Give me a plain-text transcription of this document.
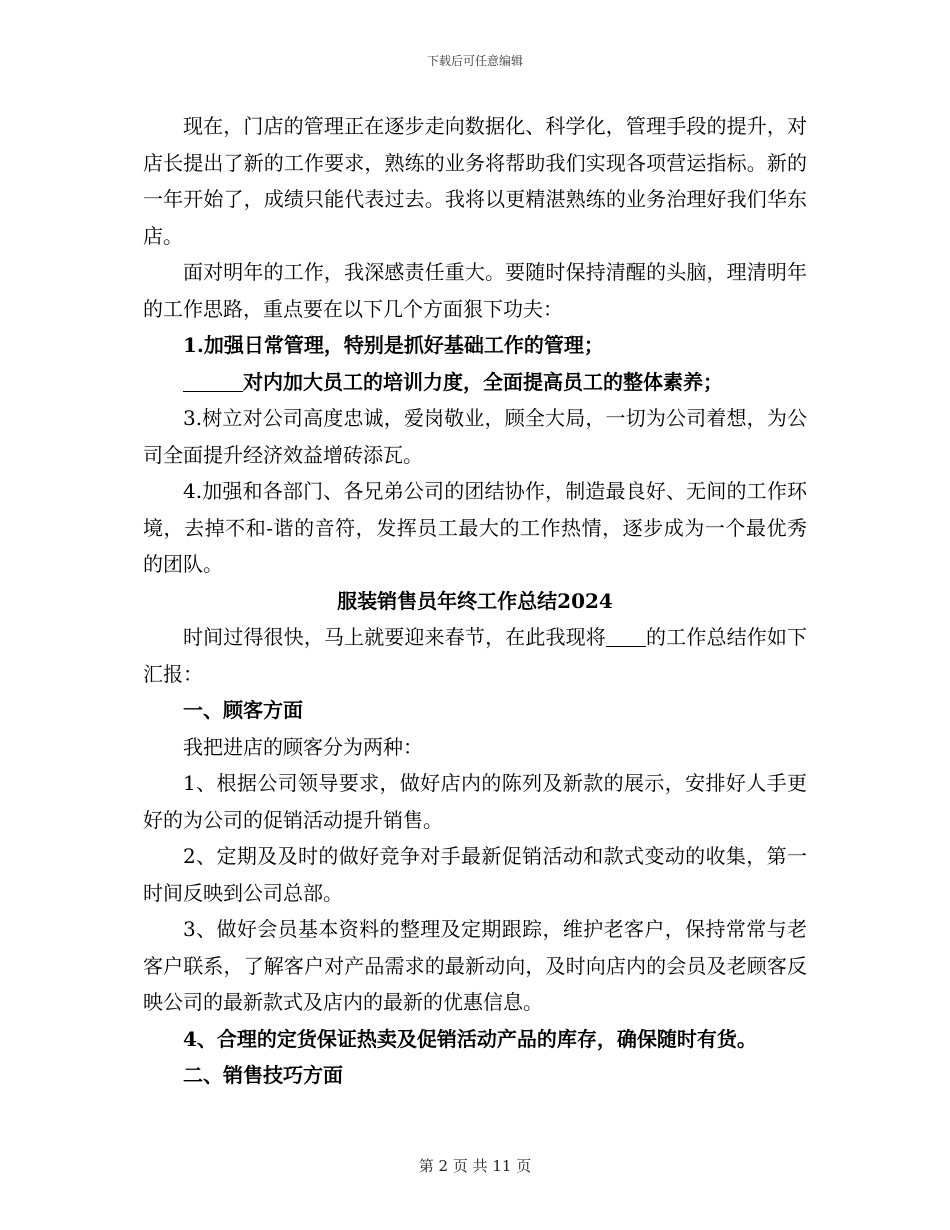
下载后可任意编辑

现在，门店的管理正在逐步走向数据化、科学化，管理手段的提升，对店长提出了新的工作要求，熟练的业务将帮助我们实现各项营运指标。新的一年开始了，成绩只能代表过去。我将以更精湛熟练的业务治理好我们华东店。

面对明年的工作，我深感责任重大。要随时保持清醒的头脑，理清明年的工作思路，重点要在以下几个方面狠下功夫：

1.加强日常管理，特别是抓好基础工作的管理；

对内加大员工的培训力度，全面提高员工的整体素养；

3.树立对公司高度忠诚，爱岗敬业，顾全大局，一切为公司着想，为公司全面提升经济效益增砖添瓦。

4.加强和各部门、各兄弟公司的团结协作，制造最良好、无间的工作环境，去掉不和-谐的音符，发挥员工最大的工作热情，逐步成为一个最优秀的团队。

服装销售员年终工作总结2024

时间过得很快，马上就要迎来春节，在此我现将 的工作总结作如下汇报：

一、顾客方面

我把进店的顾客分为两种：

1、根据公司领导要求，做好店内的陈列及新款的展示，安排好人手更好的为公司的促销活动提升销售。

2、定期及及时的做好竞争对手最新促销活动和款式变动的收集，第一时间反映到公司总部。

3、做好会员基本资料的整理及定期跟踪，维护老客户，保持常常与老客户联系，了解客户对产品需求的最新动向，及时向店内的会员及老顾客反映公司的最新款式及店内的最新的优惠信息。

4、合理的定货保证热卖及促销活动产品的库存，确保随时有货。

二、销售技巧方面

第 2 页 共 11 页
